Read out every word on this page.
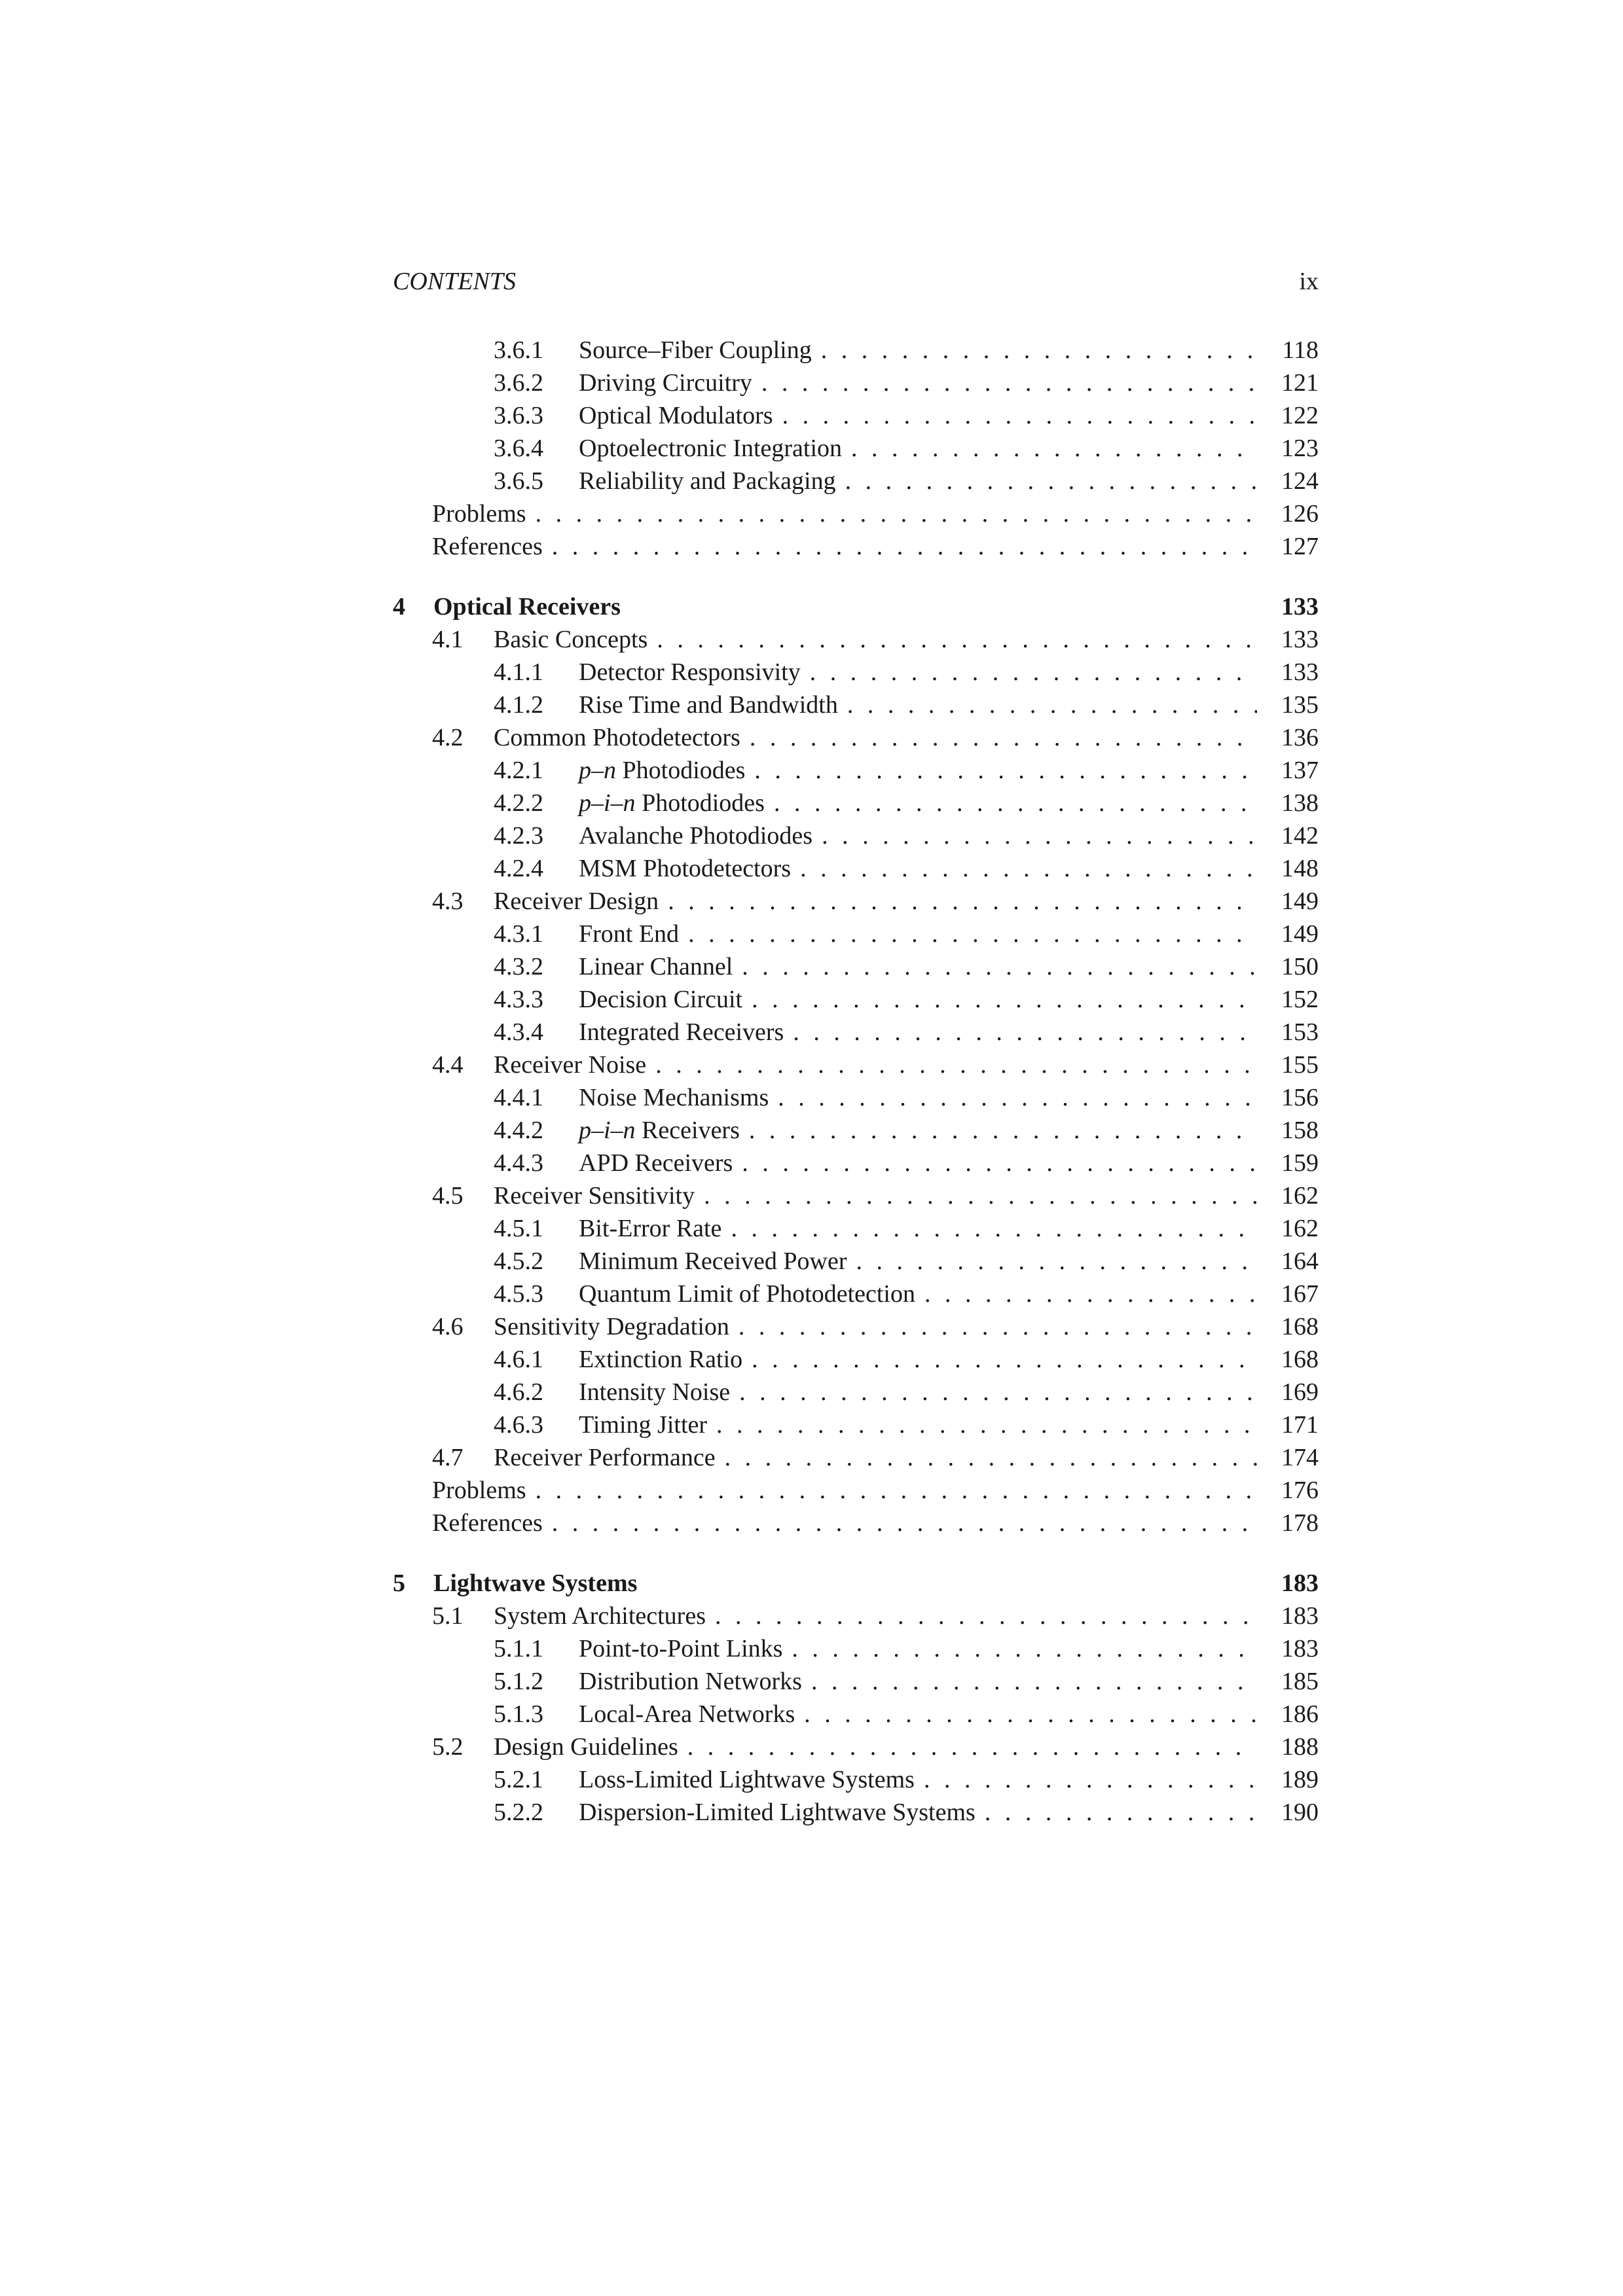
CONTENTS	ix
3.6.1	Source–Fiber Coupling . . .	118
3.6.2	Driving Circuitry . . .	121
3.6.3	Optical Modulators . . .	122
3.6.4	Optoelectronic Integration . . .	123
3.6.5	Reliability and Packaging . . .	124
Problems . . .	126
References . . .	127
4	Optical Receivers	133
4.1	Basic Concepts . . .	133
4.1.1	Detector Responsivity . . .	133
4.1.2	Rise Time and Bandwidth . . .	135
4.2	Common Photodetectors . . .	136
4.2.1	p–n Photodiodes . . .	137
4.2.2	p–i–n Photodiodes . . .	138
4.2.3	Avalanche Photodiodes . . .	142
4.2.4	MSM Photodetectors . . .	148
4.3	Receiver Design . . .	149
4.3.1	Front End . . .	149
4.3.2	Linear Channel . . .	150
4.3.3	Decision Circuit . . .	152
4.3.4	Integrated Receivers . . .	153
4.4	Receiver Noise . . .	155
4.4.1	Noise Mechanisms . . .	156
4.4.2	p–i–n Receivers . . .	158
4.4.3	APD Receivers . . .	159
4.5	Receiver Sensitivity . . .	162
4.5.1	Bit-Error Rate . . .	162
4.5.2	Minimum Received Power . . .	164
4.5.3	Quantum Limit of Photodetection . . .	167
4.6	Sensitivity Degradation . . .	168
4.6.1	Extinction Ratio . . .	168
4.6.2	Intensity Noise . . .	169
4.6.3	Timing Jitter . . .	171
4.7	Receiver Performance . . .	174
Problems . . .	176
References . . .	178
5	Lightwave Systems	183
5.1	System Architectures . . .	183
5.1.1	Point-to-Point Links . . .	183
5.1.2	Distribution Networks . . .	185
5.1.3	Local-Area Networks . . .	186
5.2	Design Guidelines . . .	188
5.2.1	Loss-Limited Lightwave Systems . . .	189
5.2.2	Dispersion-Limited Lightwave Systems . . .	190
